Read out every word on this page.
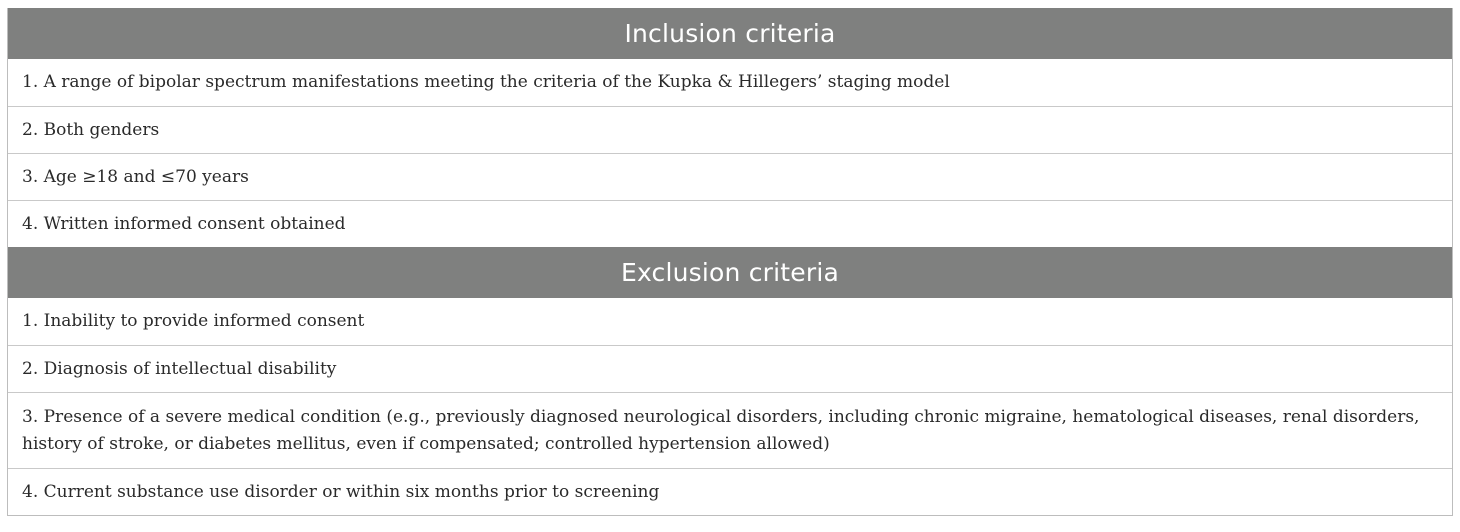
Inclusion criteria
1. A range of bipolar spectrum manifestations meeting the criteria of the Kupka & Hillegers’ staging model
2. Both genders
3. Age ≥18 and ≤70 years
4. Written informed consent obtained
Exclusion criteria
1. Inability to provide informed consent
2. Diagnosis of intellectual disability
3. Presence of a severe medical condition (e.g., previously diagnosed neurological disorders, including chronic migraine, hematological diseases, renal disorders, history of stroke, or diabetes mellitus, even if compensated; controlled hypertension allowed)
4. Current substance use disorder or within six months prior to screening
